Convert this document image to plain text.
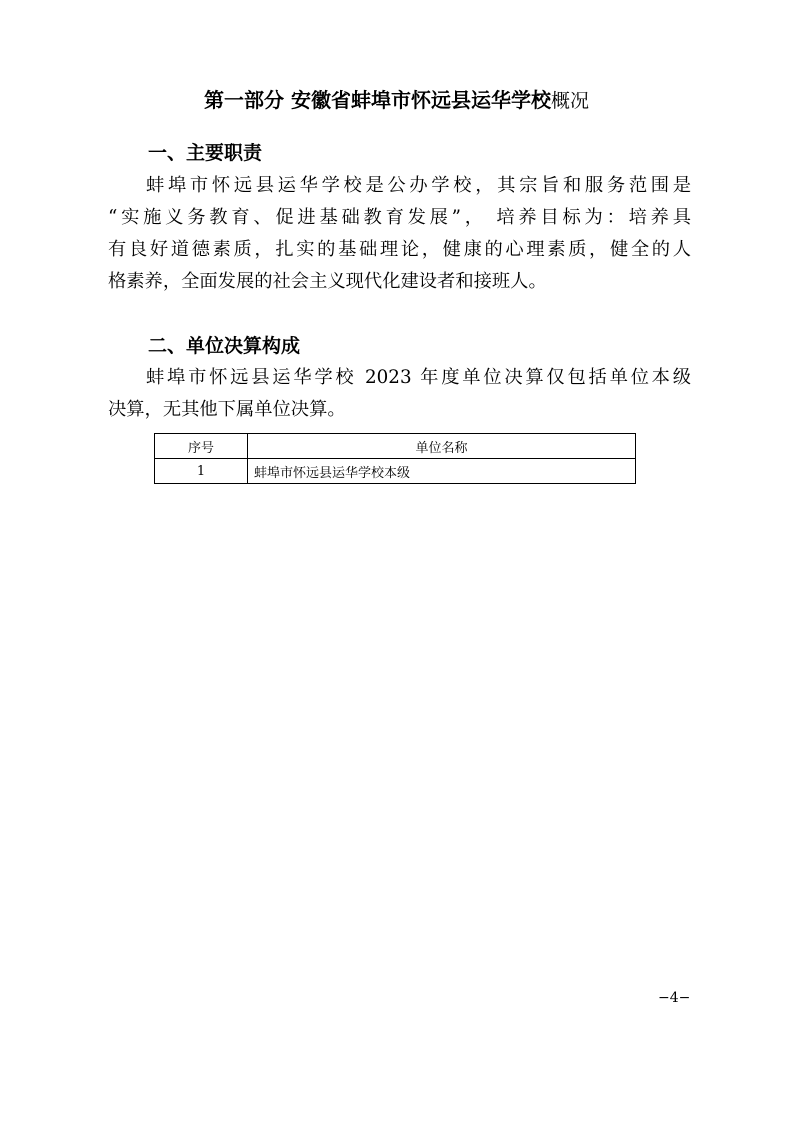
第一部分 安徽省蚌埠市怀远县运华学校概况
一、主要职责
蚌埠市怀远县运华学校是公办学校，其宗旨和服务范围是
“实施义务教育、促进基础教育发展”， 培养目标为：培养具
有良好道德素质，扎实的基础理论，健康的心理素质，健全的人
格素养，全面发展的社会主义现代化建设者和接班人。
二、单位决算构成
蚌埠市怀远县运华学校 2023 年度单位决算仅包括单位本级
决算，无其他下属单位决算。
序号	单位名称
1	蚌埠市怀远县运华学校本级
−4−
